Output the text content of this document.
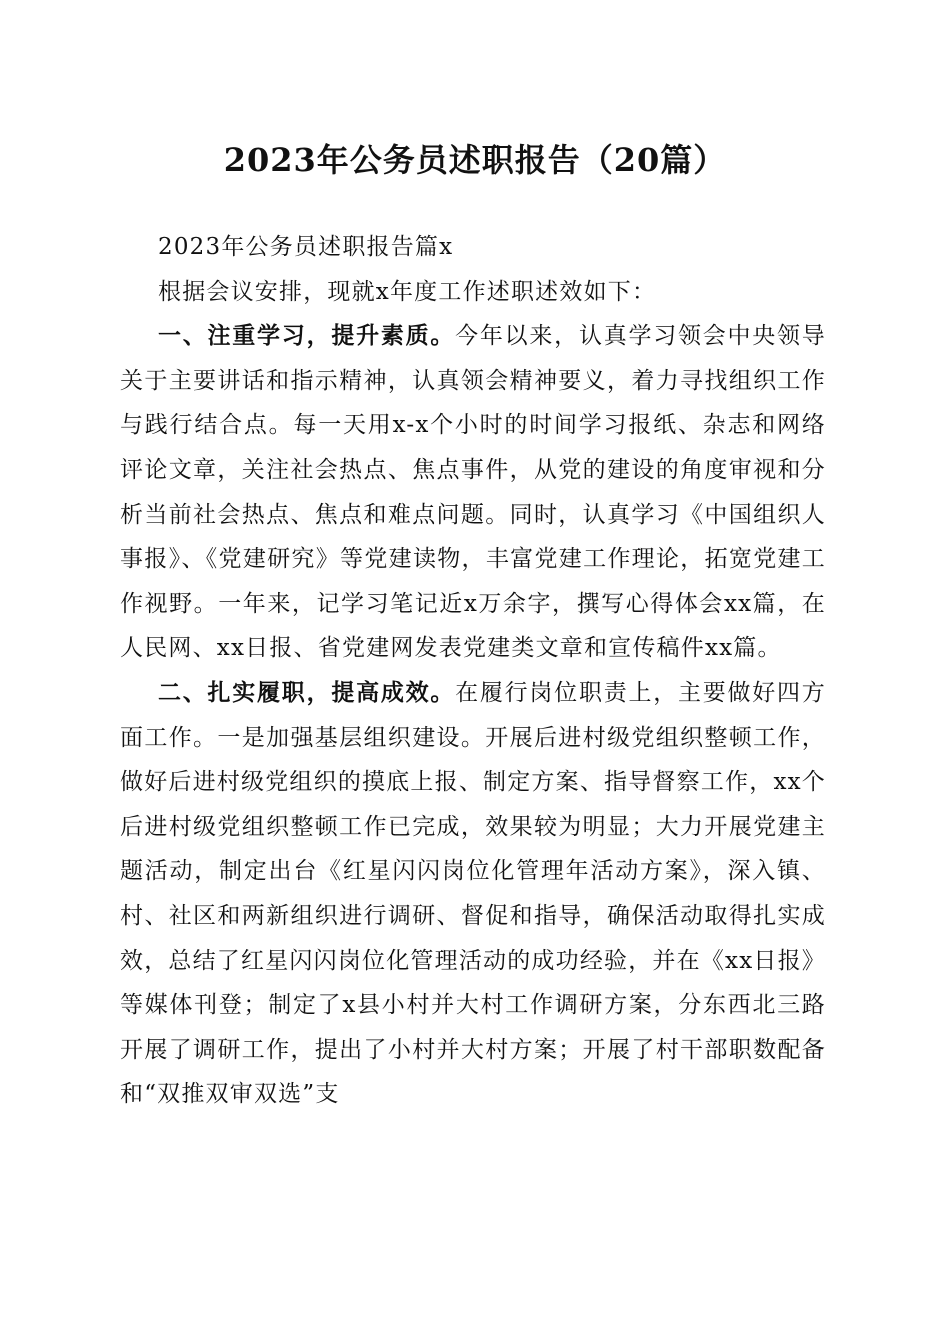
2023年公务员述职报告（20篇）

2023年公务员述职报告篇x

根据会议安排，现就x年度工作述职述效如下：

一、注重学习，提升素质。今年以来，认真学习领会中央领导关于主要讲话和指示精神，认真领会精神要义，着力寻找组织工作与践行结合点。每一天用x-x个小时的时间学习报纸、杂志和网络评论文章，关注社会热点、焦点事件，从党的建设的角度审视和分析当前社会热点、焦点和难点问题。同时，认真学习《中国组织人事报》、《党建研究》等党建读物，丰富党建工作理论，拓宽党建工作视野。一年来，记学习笔记近x万余字，撰写心得体会xx篇，在人民网、xx日报、省党建网发表党建类文章和宣传稿件xx篇。

二、扎实履职，提高成效。在履行岗位职责上，主要做好四方面工作。一是加强基层组织建设。开展后进村级党组织整顿工作，做好后进村级党组织的摸底上报、制定方案、指导督察工作，xx个后进村级党组织整顿工作已完成，效果较为明显；大力开展党建主题活动，制定出台《红星闪闪岗位化管理年活动方案》，深入镇、村、社区和两新组织进行调研、督促和指导，确保活动取得扎实成效，总结了红星闪闪岗位化管理活动的成功经验，并在《xx日报》等媒体刊登；制定了x县小村并大村工作调研方案，分东西北三路开展了调研工作，提出了小村并大村方案；开展了村干部职数配备和“双推双审双选”支
